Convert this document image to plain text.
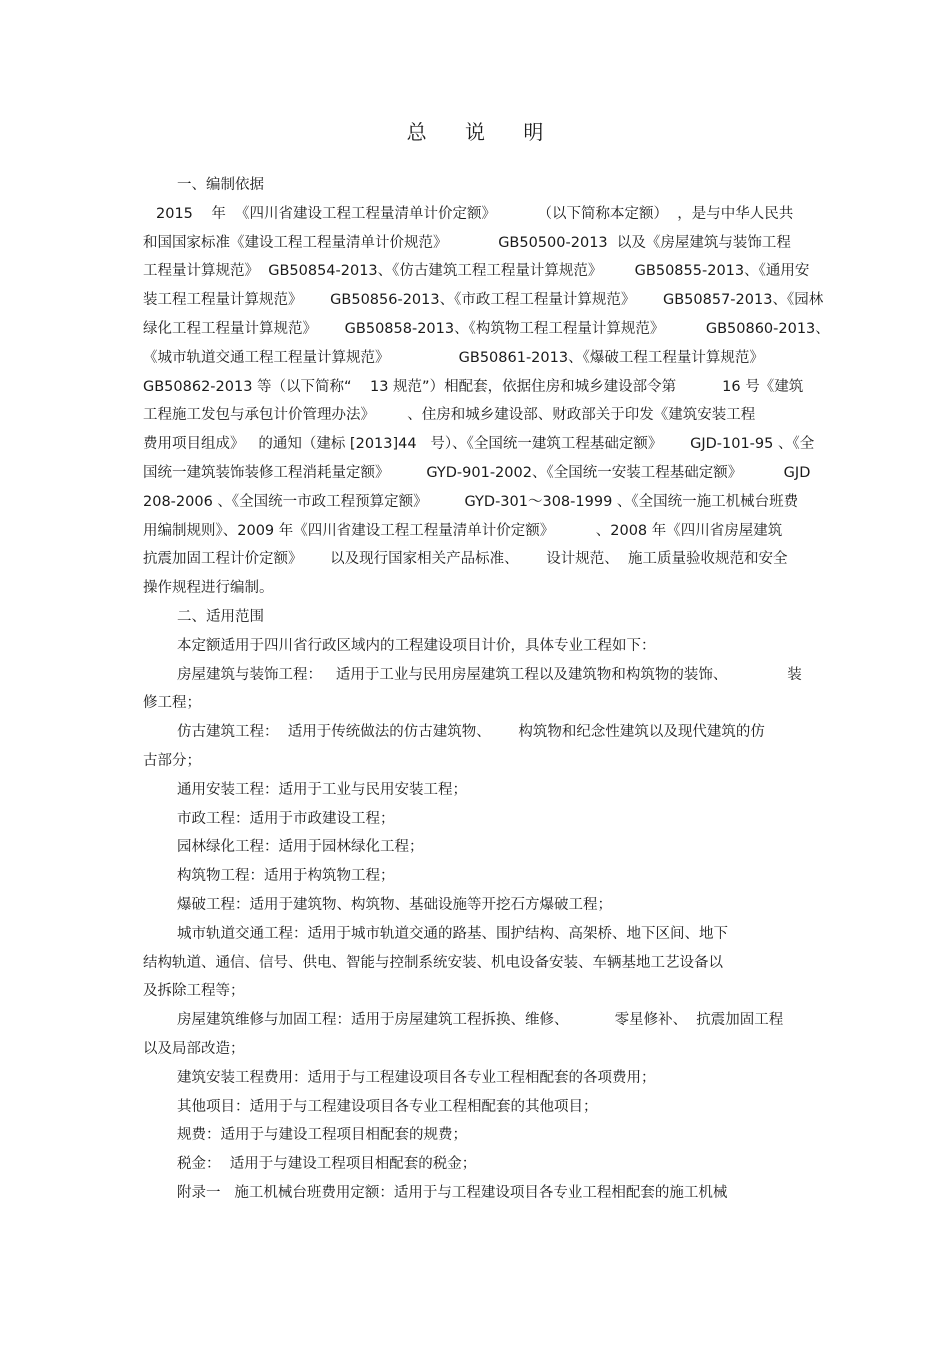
总 说 明
一、编制依据
2015    年  《四川省建设工程工程量清单计价定额》         （以下简称本定额）  ，是与中华人民共
和国国家标准《建设工程工程量清单计价规范》           GB50500-2013  以及《房屋建筑与装饰工程
工程量计算规范》  GB50854-2013、《仿古建筑工程工程量计算规范》       GB50855-2013、《通用安
装工程工程量计算规范》      GB50856-2013、《市政工程工程量计算规范》      GB50857-2013、《园林
绿化工程工程量计算规范》      GB50858-2013、《构筑物工程工程量计算规范》         GB50860-2013、
《城市轨道交通工程工程量计算规范》               GB50861-2013、《爆破工程工程量计算规范》
GB50862-2013 等（以下简称“    13 规范”）相配套，依据住房和城乡建设部令第          16 号《建筑
工程施工发包与承包计价管理办法》       、住房和城乡建设部、财政部关于印发《建筑安装工程
费用项目组成》   的通知（建标 [2013]44   号）、《全国统一建筑工程基础定额》      GJD-101-95 、《全
国统一建筑装饰装修工程消耗量定额》        GYD-901-2002、《全国统一安装工程基础定额》         GJD
208-2006 、《全国统一市政工程预算定额》        GYD-301～308-1999 、《全国统一施工机械台班费
用编制规则》、2009 年《四川省建设工程工程量清单计价定额》         、2008 年《四川省房屋建筑
抗震加固工程计价定额》      以及现行国家相关产品标准、      设计规范、  施工质量验收规范和安全
操作规程进行编制。
二、适用范围
本定额适用于四川省行政区域内的工程建设项目计价，具体专业工程如下：
房屋建筑与装饰工程：   适用于工业与民用房屋建筑工程以及建筑物和构筑物的装饰、             装
修工程；
仿古建筑工程：  适用于传统做法的仿古建筑物、      构筑物和纪念性建筑以及现代建筑的仿
古部分；
通用安装工程：适用于工业与民用安装工程；
市政工程：适用于市政建设工程；
园林绿化工程：适用于园林绿化工程；
构筑物工程：适用于构筑物工程；
爆破工程：适用于建筑物、构筑物、基础设施等开挖石方爆破工程；
城市轨道交通工程：适用于城市轨道交通的路基、围护结构、高架桥、地下区间、地下
结构轨道、通信、信号、供电、智能与控制系统安装、机电设备安装、车辆基地工艺设备以
及拆除工程等；
房屋建筑维修与加固工程：适用于房屋建筑工程拆换、维修、          零星修补、  抗震加固工程
以及局部改造；
建筑安装工程费用：适用于与工程建设项目各专业工程相配套的各项费用；
其他项目：适用于与工程建设项目各专业工程相配套的其他项目；
规费：适用于与建设工程项目相配套的规费；
税金：  适用于与建设工程项目相配套的税金；
附录一   施工机械台班费用定额：适用于与工程建设项目各专业工程相配套的施工机械
